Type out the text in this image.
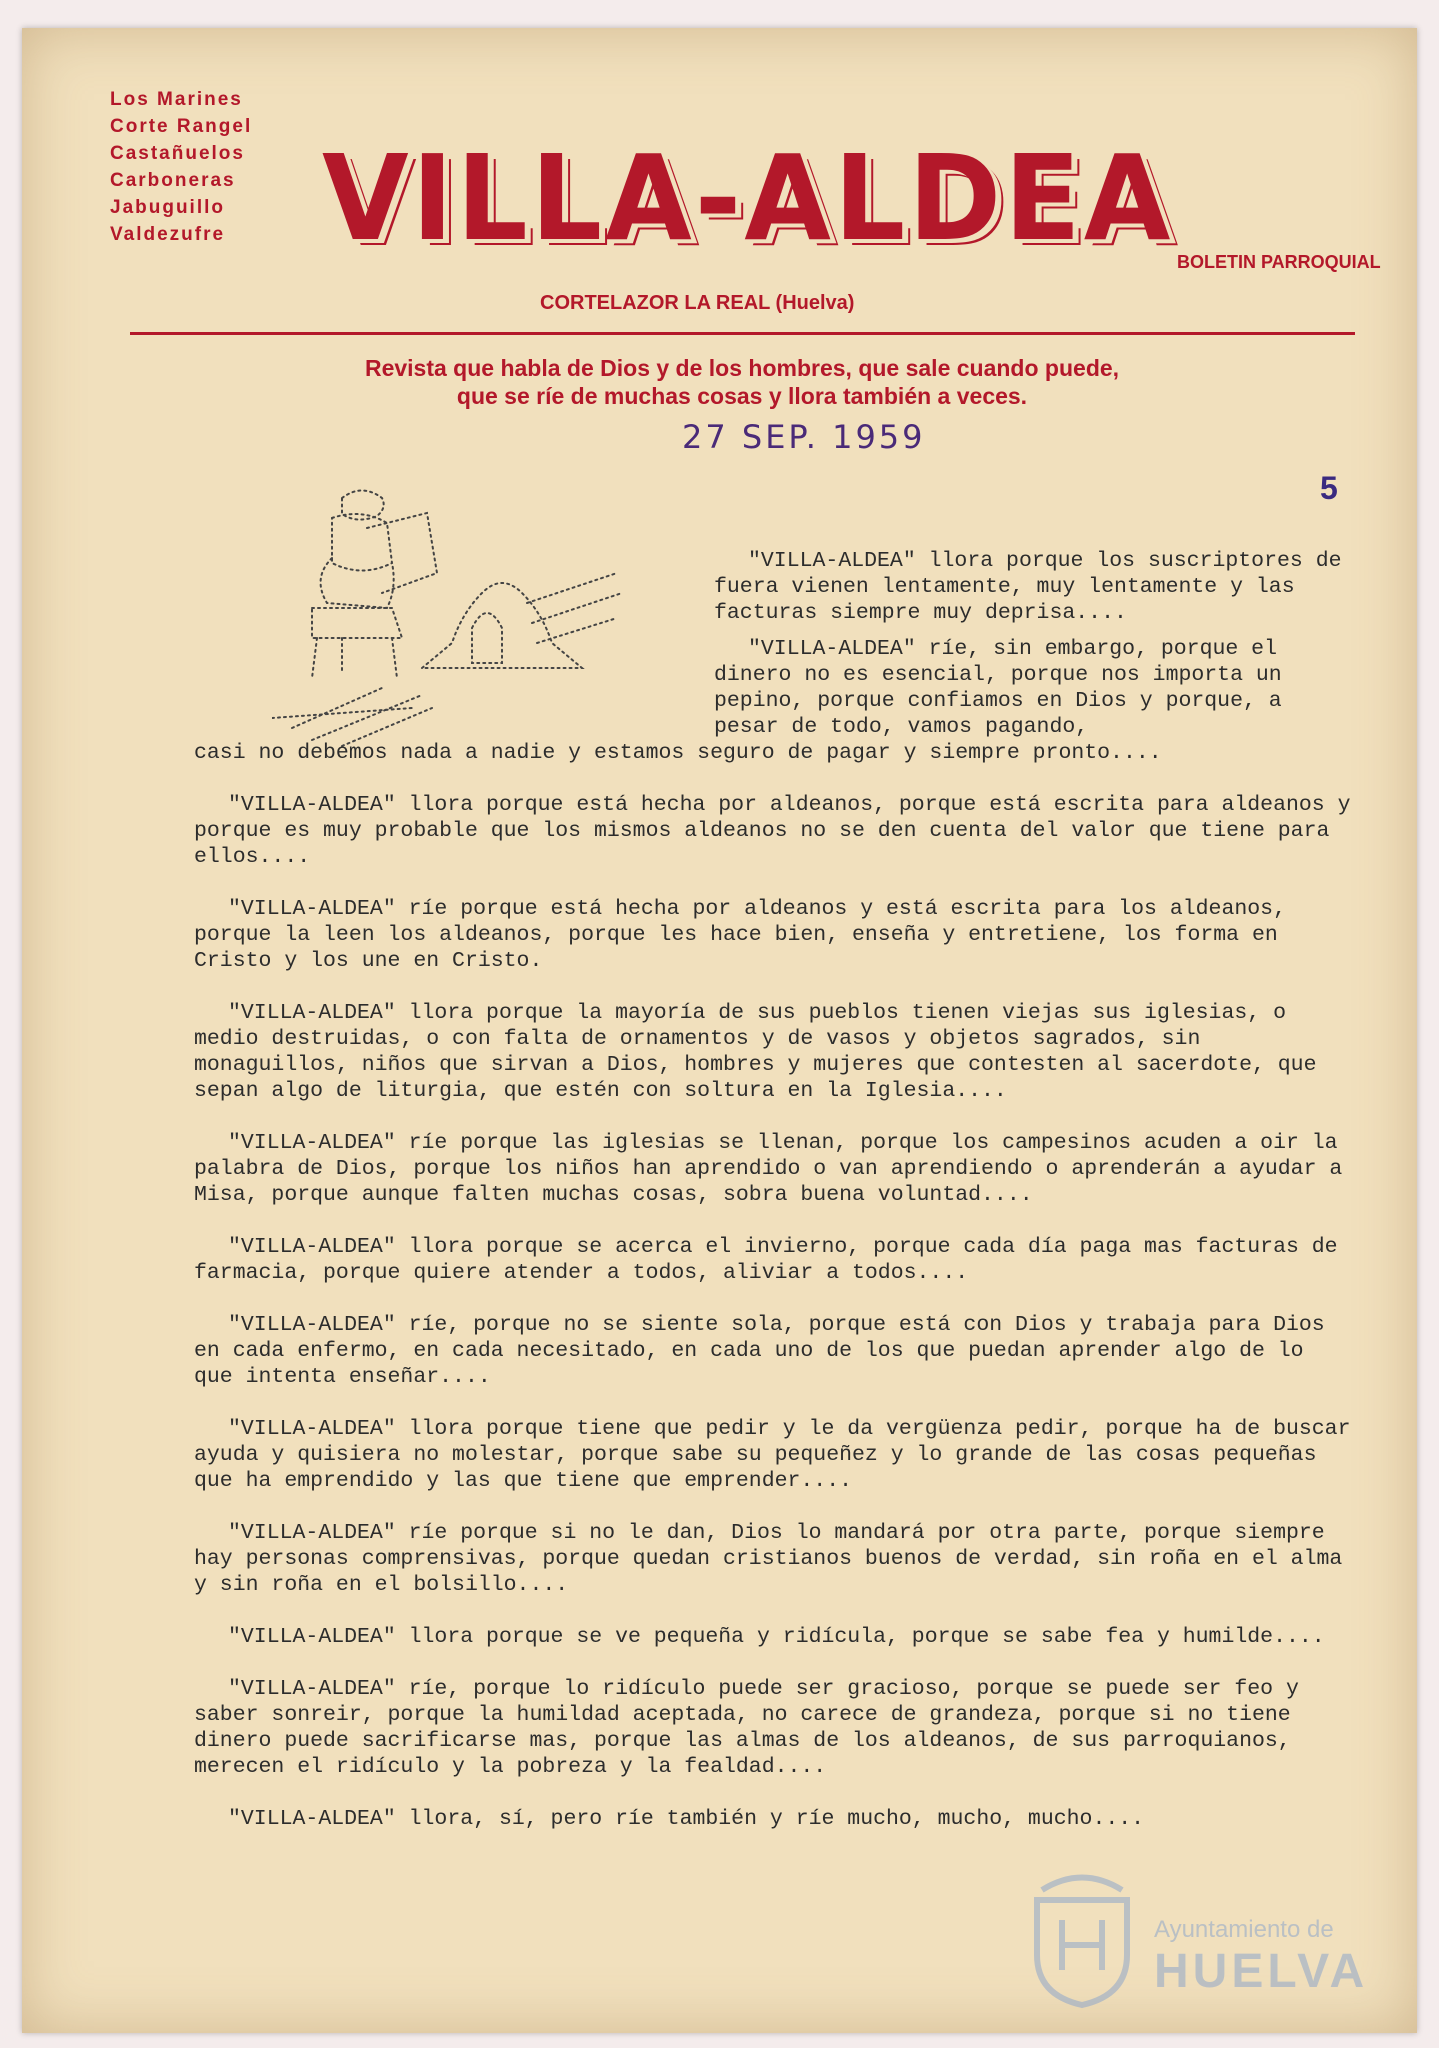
Los Marines
Corte Rangel
Castañuelos
Carboneras
Jabuguillo
Valdezufre VILLA-ALDEA BOLETIN PARROQUIAL
CORTELAZOR LA REAL (Huelva)
Revista que habla de Dios y de los hombres, que sale cuando puede,
que se ríe de muchas cosas y llora también a veces.
27 SEP. 1959
5

"VILLA-ALDEA" llora porque los suscriptores de fuera vienen lentamente, muy lentamente y las facturas siempre muy deprisa....

"VILLA-ALDEA" ríe, sin embargo, porque el dinero no es esencial, porque nos importa un pepino, porque confiamos en Dios y porque, a pesar de todo, vamos pagando,

casi no debemos nada a nadie y estamos seguro de pagar y siempre pronto....

"VILLA-ALDEA" llora porque está hecha por aldeanos, porque está escrita para aldeanos y porque es muy probable que los mismos aldeanos no se den cuenta del valor que tiene para ellos....

"VILLA-ALDEA" ríe porque está hecha por aldeanos y está escrita para los aldeanos, porque la leen los aldeanos, porque les hace bien, enseña y entretiene, los forma en Cristo y los une en Cristo.

"VILLA-ALDEA" llora porque la mayoría de sus pueblos tienen viejas sus iglesias, o medio destruidas, o con falta de ornamentos y de vasos y objetos sagrados, sin monaguillos, niños que sirvan a Dios, hombres y mujeres que contesten al sacerdote, que sepan algo de liturgia, que estén con soltura en la Iglesia....

"VILLA-ALDEA" ríe porque las iglesias se llenan, porque los campesinos acuden a oir la palabra de Dios, porque los niños han aprendido o van aprendiendo o aprenderán a ayudar a Misa, porque aunque falten muchas cosas, sobra buena voluntad....

"VILLA-ALDEA" llora porque se acerca el invierno, porque cada día paga mas facturas de farmacia, porque quiere atender a todos, aliviar a todos....

"VILLA-ALDEA" ríe, porque no se siente sola, porque está con Dios y trabaja para Dios en cada enfermo, en cada necesitado, en cada uno de los que puedan aprender algo de lo que intenta enseñar....

"VILLA-ALDEA" llora porque tiene que pedir y le da vergüenza pedir, porque ha de buscar ayuda y quisiera no molestar, porque sabe su pequeñez y lo grande de las cosas pequeñas que ha emprendido y las que tiene que emprender....

"VILLA-ALDEA" ríe porque si no le dan, Dios lo mandará por otra parte, porque siempre hay personas comprensivas, porque quedan cristianos buenos de verdad, sin roña en el alma y sin roña en el bolsillo....

"VILLA-ALDEA" llora porque se ve pequeña y ridícula, porque se sabe fea y humilde....

"VILLA-ALDEA" ríe, porque lo ridículo puede ser gracioso, porque se puede ser feo y saber sonreir, porque la humildad aceptada, no carece de grandeza, porque si no tiene dinero puede sacrificarse mas, porque las almas de los aldeanos, de sus parroquianos, merecen el ridículo y la pobreza y la fealdad....

"VILLA-ALDEA" llora, sí, pero ríe también y ríe mucho, mucho, mucho....

Ayuntamiento de
HUELVA
